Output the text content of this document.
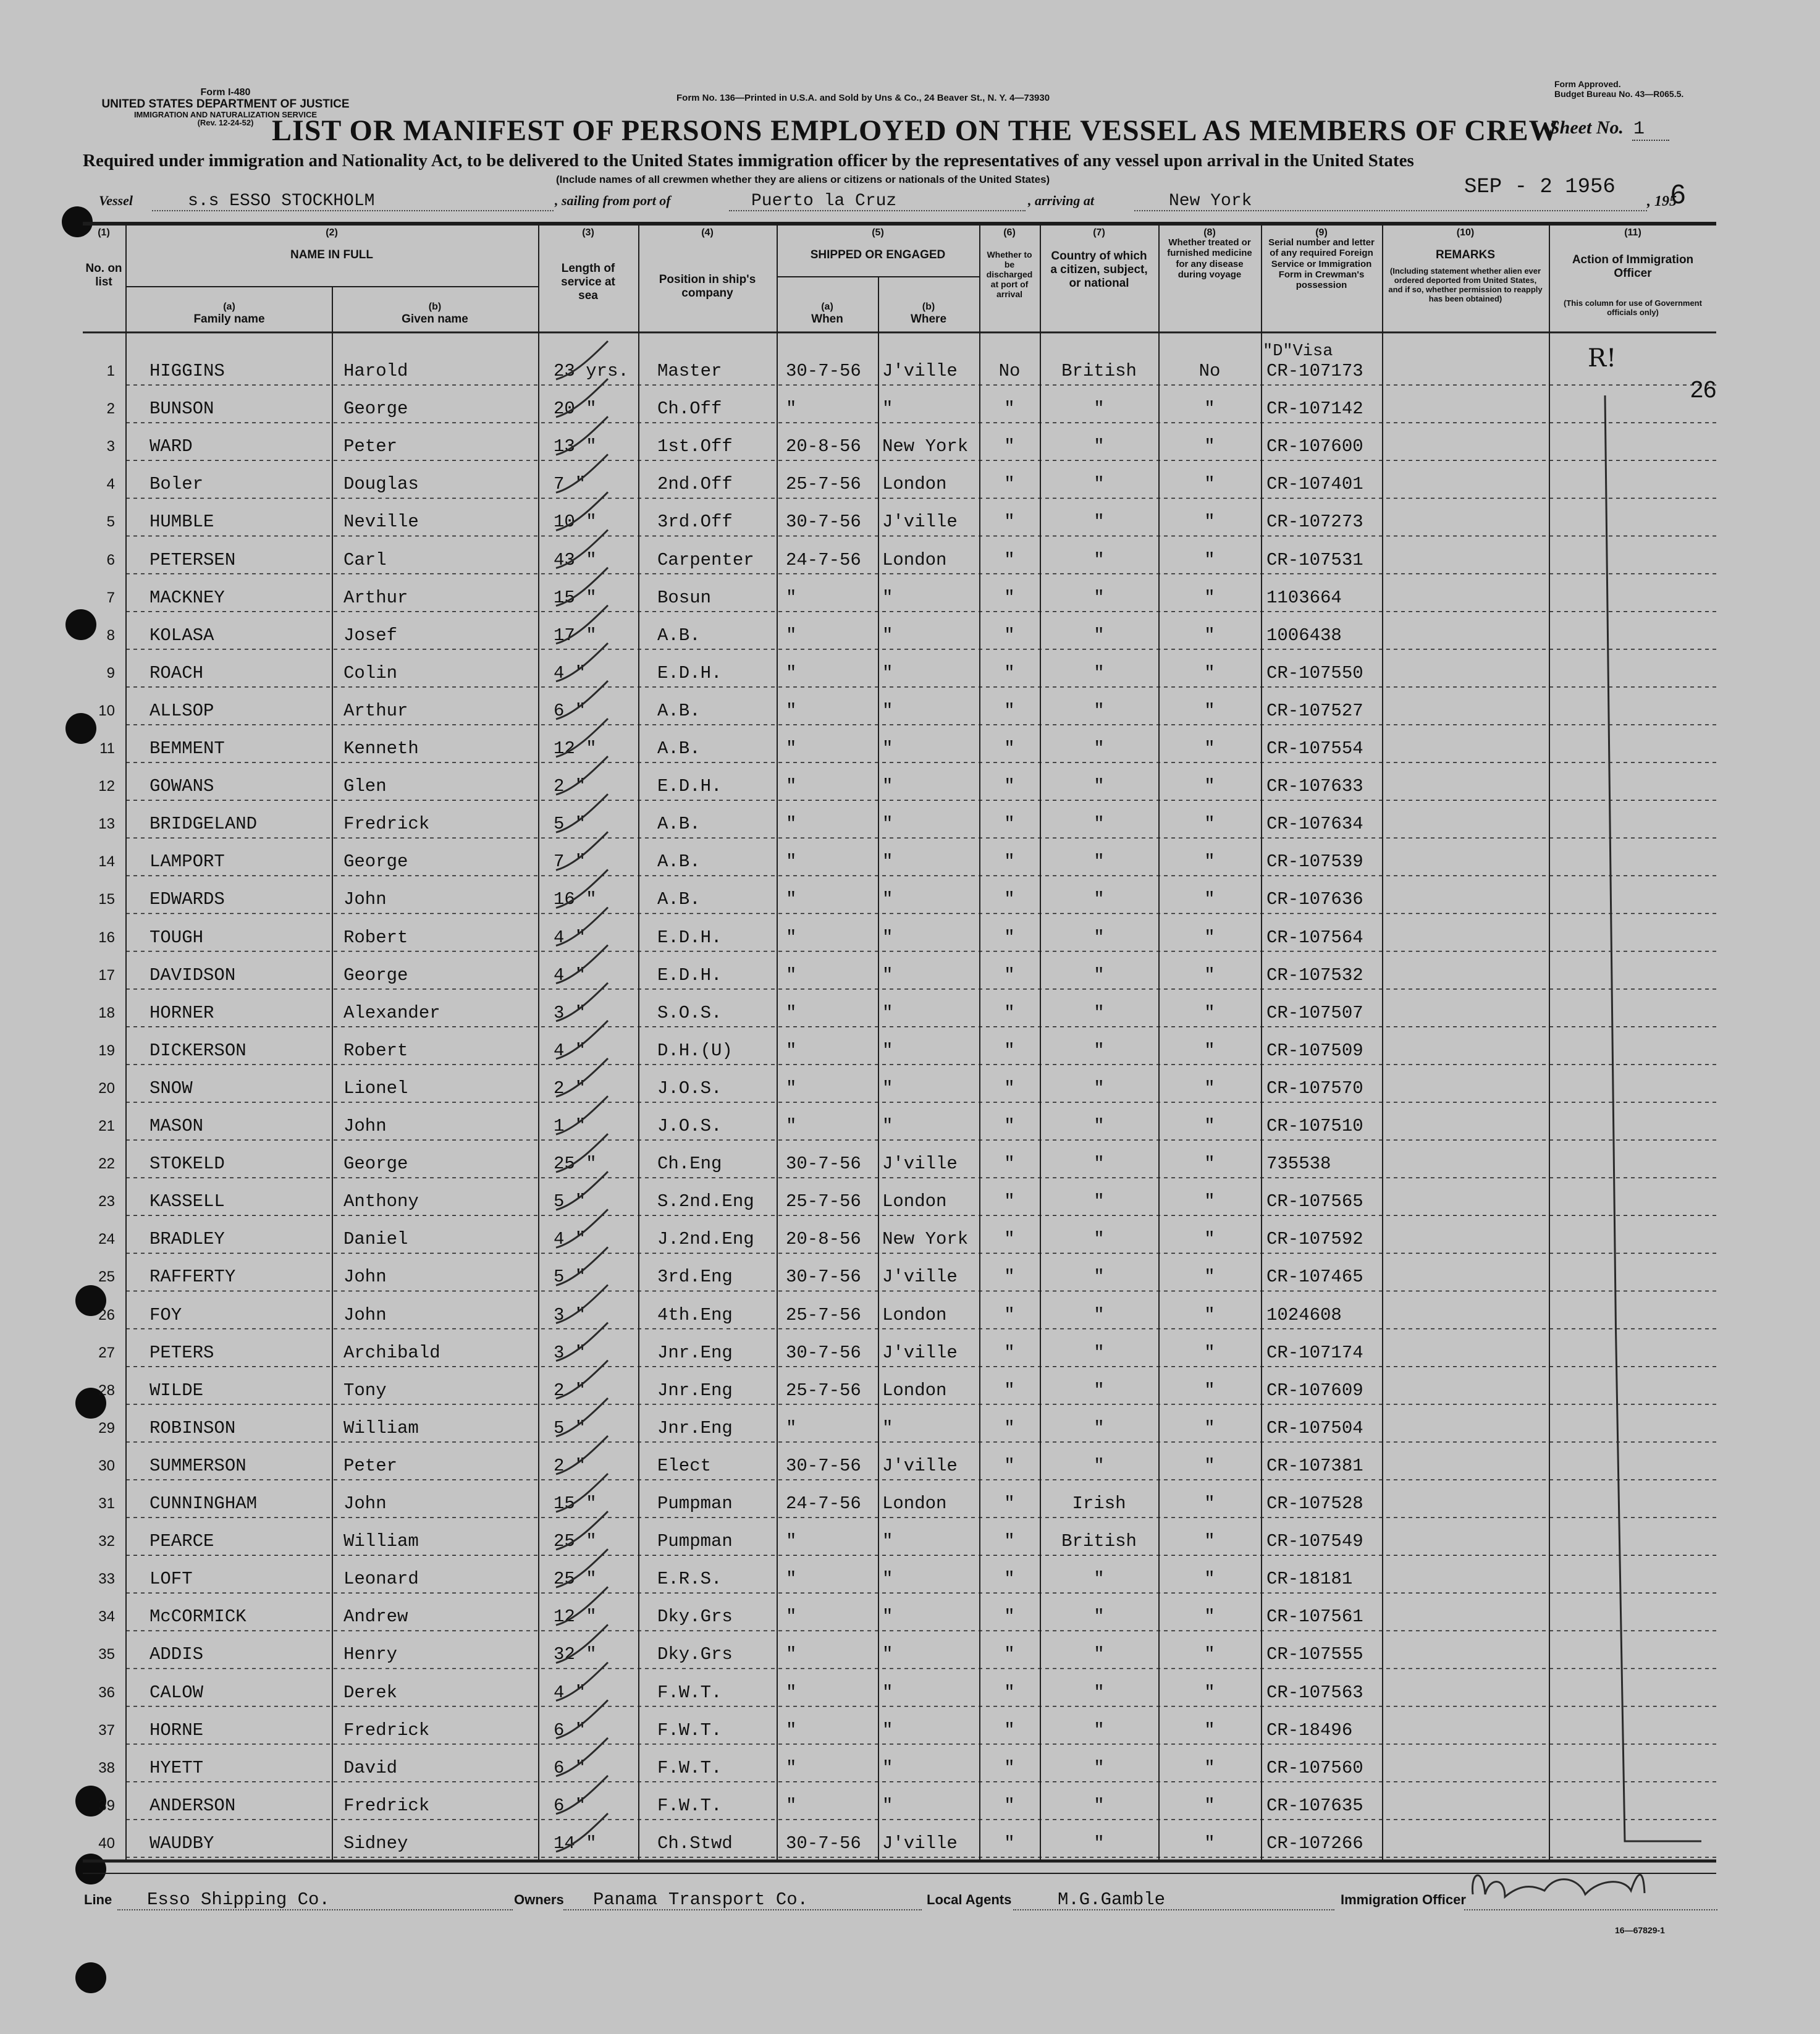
Form I-480
UNITED STATES DEPARTMENT OF JUSTICE
IMMIGRATION AND NATURALIZATION SERVICE
(Rev. 12-24-52)
Form No. 136—Printed in U.S.A. and Sold by Uns & Co., 24 Beaver St., N. Y. 4—73930
Form Approved.
Budget Bureau No. 43—R065.5.
LIST OR MANIFEST OF PERSONS EMPLOYED ON THE VESSEL AS MEMBERS OF CREW
Sheet No. 1
Required under immigration and Nationality Act, to be delivered to the United States immigration officer by the representatives of any vessel upon arrival in the United States
(Include names of all crewmen whether they are aliens or citizens or nationals of the United States)
Vessel	s.s ESSO STOCKHOLM	, sailing from port of	Puerto la Cruz	, arriving at	New York
SEP - 2 1956
, 195
6
(1)
No. on list
(2)
NAME IN FULL
(a)
Family name
(b)
Given name
(3)
Length of service at sea
(4)
Position in ship's company
(5)
SHIPPED OR ENGAGED
(a)
When
(b)
Where
(6)
Whether to be discharged at port of arrival
(7)
Country of which a citizen, subject, or national
(8)
Whether treated or furnished medicine for any disease during voyage
(9)
Serial number and letter of any required Foreign Service or Immigration Form in Crewman's possession
(10)
REMARKS
(Including statement whether alien ever ordered deported from United States, and if so, whether permission to reapply has been obtained)
(11)
Action of Immigration Officer
(This column for use of Government officials only)
1 HIGGINS	Harold	23 yrs. Master	30-7-56 J'ville	No	British	No	CR-107173
"D"Visa	R!
2 BUNSON	George	20 "	Ch.Off	"	"	"	"	"	CR-107142
3 WARD	Peter	13 "	1st.Off	20-8-56 New York	"	"	"	CR-107600
4 Boler	Douglas	7 "	2nd.Off	25-7-56 London	"	"	"	CR-107401
5 HUMBLE	Neville	10 "	3rd.Off	30-7-56 J'ville	"	"	"	CR-107273
6 PETERSEN	Carl	43 "	Carpenter 24-7-56 London	"	"	"	CR-107531
7 MACKNEY	Arthur	15 "	Bosun	"	"	"	"	"	1103664
8 KOLASA	Josef	17 "	A.B.	"	"	"	"	"	1006438
9 ROACH	Colin	4 "	E.D.H.	"	"	"	"	"	CR-107550
10 ALLSOP	Arthur	6 "	A.B.	"	"	"	"	"	CR-107527
11 BEMMENT	Kenneth	12 "	A.B.	"	"	"	"	"	CR-107554
12 GOWANS	Glen	2 "	E.D.H.	"	"	"	"	"	CR-107633
13 BRIDGELAND	Fredrick	5 "	A.B.	"	"	"	"	"	CR-107634
14 LAMPORT	George	7 "	A.B.	"	"	"	"	"	CR-107539
15 EDWARDS	John	16 "	A.B.	"	"	"	"	"	CR-107636
16 TOUGH	Robert	4 "	E.D.H.	"	"	"	"	"	CR-107564
17 DAVIDSON	George	4 "	E.D.H.	"	"	"	"	"	CR-107532
18 HORNER	Alexander	3 "	S.O.S.	"	"	"	"	"	CR-107507
19 DICKERSON	Robert	4 "	D.H.(U)	"	"	"	"	"	CR-107509
20 SNOW	Lionel	2 "	J.O.S.	"	"	"	"	"	CR-107570
21 MASON	John	1 "	J.O.S.	"	"	"	"	"	CR-107510
22 STOKELD	George	25 "	Ch.Eng	30-7-56 J'ville	"	"	"	735538
23 KASSELL	Anthony	5 "	S.2nd.Eng 25-7-56 London	"	"	"	CR-107565
24 BRADLEY	Daniel	4 "	J.2nd.Eng 20-8-56 New York	"	"	"	CR-107592
25 RAFFERTY	John	5 "	3rd.Eng	30-7-56 J'ville	"	"	"	CR-107465
26 FOY	John	3 "	4th.Eng	25-7-56 London	"	"	"	1024608
27 PETERS	Archibald	3 "	Jnr.Eng	30-7-56 J'ville	"	"	"	CR-107174
28 WILDE	Tony	2 "	Jnr.Eng	25-7-56 London	"	"	"	CR-107609
29 ROBINSON	William	5 "	Jnr.Eng	"	"	"	"	"	CR-107504
30 SUMMERSON	Peter	2 "	Elect	30-7-56 J'ville	"	"	"	CR-107381
31 CUNNINGHAM	John	15 "	Pumpman	24-7-56 London	"	Irish	"	CR-107528
32 PEARCE	William	25 "	Pumpman	"	"	"	British	"	CR-107549
33 LOFT	Leonard	25 "	E.R.S.	"	"	"	"	"	CR-18181
34 McCORMICK	Andrew	12 "	Dky.Grs	"	"	"	"	"	CR-107561
35 ADDIS	Henry	32 "	Dky.Grs	"	"	"	"	"	CR-107555
36 CALOW	Derek	4 "	F.W.T.	"	"	"	"	"	CR-107563
37 HORNE	Fredrick	6 "	F.W.T.	"	"	"	"	"	CR-18496
38 HYETT	David	6 "	F.W.T.	"	"	"	"	"	CR-107560
39 ANDERSON	Fredrick	6 "	F.W.T.	"	"	"	"	"	CR-107635
40 WAUDBY	Sidney	14 "	Ch.Stwd	30-7-56 J'ville	"	"	"	CR-107266
26
Line Esso Shipping Co.	Owners Panama Transport Co.	Local Agents	M.G.Gamble	Immigration Officer
16—67829-1
